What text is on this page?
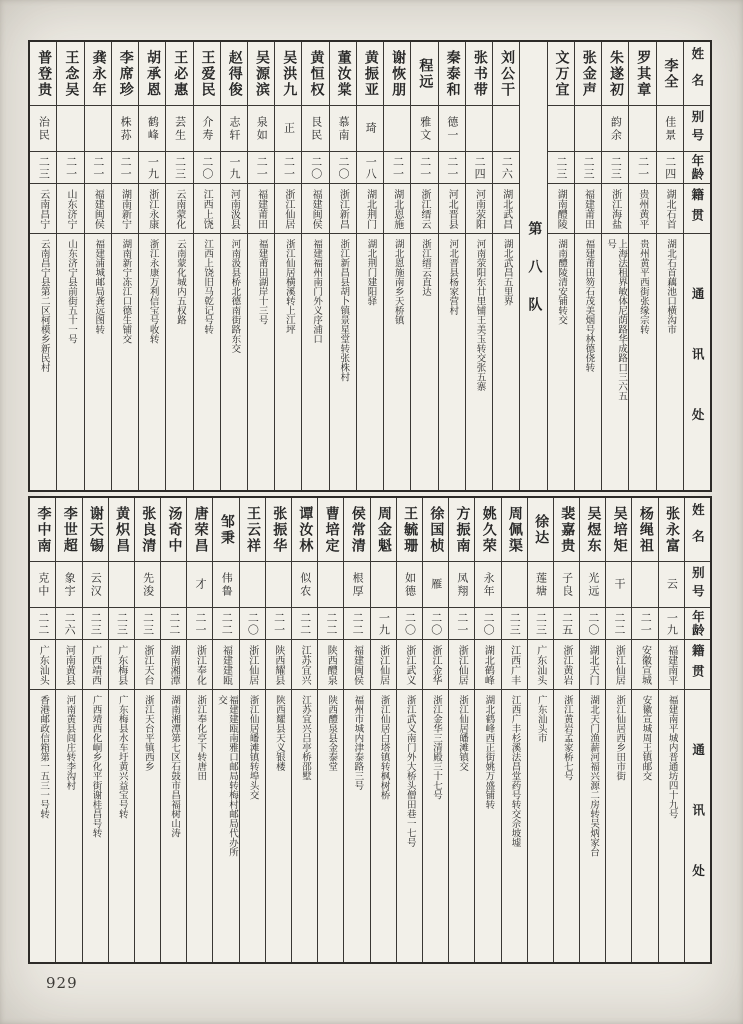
姓名
别号
年龄
籍贯
通讯处
李全
佳景
二四
湖北石首
湖北石首藕池口横沟市
罗其章
二一
贵州黄平
贵州黄平西街张缘宗转
朱遂初
韵余
二三
浙江海盐
上海法租界敏体尼荫路华成路口三六五号
张金声
二三
福建莆田
福建莆田笏石茂美烟号林德侥转
文万宜
二三
湖南醴陵
湖南醴陵清安铺转交
第八队
刘公干
二六
湖北武昌
湖北武昌五里界
张书带
二四
河南荥阳
河南荥阳东廿里铺王美玉转交张五寨
秦泰和
德一
二一
河北晋县
河北晋县杨家营村
程远
雅文
二一
浙江缙云
浙江缙云直达
谢恢朋
二一
湖北恩施
湖北恩施南乡天桥镇
黄振亚
琦
一八
湖北荆门
湖北荆门建阳驿
董汝棠
慕南
二〇
浙江新昌
浙江新昌县胡卜镇景星堂转张株村
黄恒权
艮民
二〇
福建闽侯
福建福州南门外义序浦口
吴洪九
正
二一
浙江仙居
浙江仙居横溪转上江坪
吴源滨
泉如
二一
福建莆田
福建莆田湖岸十三号
赵得俊
志轩
一九
河南汲县
河南汲县桥北德南街路东交
王爱民
介寿
二〇
江西上饶
江西上饶旧马乾记号转
王必惠
芸生
二三
云南蒙化
云南蒙化城内五权路
胡承恩
鹤峰
一九
浙江永康
浙江永康万利信宝号收转
李席珍
株荪
二一
湖南新宁
湖南新宁冻江口德生铺交
龚永年
二一
福建闽侯
福建浦城邮局龚远图转
王念吴
二一
山东济宁
山东济宁县前街五十一号
普登贵
治民
二三
云南昌宁
云南昌宁县第二区柯模乡新民村
姓名
别号
年龄
籍贯
通讯处
张永富
云
一九
福建南平
福建南平城内普通坊四十九号
杨绳祖
二一
安徽宣城
安徽宣城周王镇邮交
吴培矩
干
二二
浙江仙居
浙江仙居西乡田市街
吴煜东
光远
二〇
湖北天门
湖北天门渔薪河福兴源二房转吴炳家台
裴嘉贵
子良
二五
浙江黄岩
浙江黄岩孟家桥七号
徐达
莲塘
二三
广东汕头
广东汕头市
周佩渠
二三
江西广丰
江西广丰杉溪法昌堂药号转交佘坡墟
姚久荣
永年
二〇
湖北鹤峰
湖北鹤峰西正街姚万盛铺转
方振南
凤翔
二一
浙江仙居
浙江仙居皤滩镇交
徐国桢
雁
二〇
浙江金华
浙江金华三清殿三十七号
王毓珊
如德
二〇
浙江武义
浙江武义南门外大桥头僧田巷一七号
周金魁
一九
浙江仙居
浙江仙居白塔镇转枫树桥
侯常清
根厚
二二
福建闽侯
福州市城内津泰路三号
曹培定
二二
陕西醴泉
陕西醴泉县金泰堂
谭汝林
似农
二二
江苏宜兴
江苏宜兴吕亭桥邵墅
张振华
二一
陕西耀县
陕西耀县天义银楼
王云祥
二〇
浙江仙居
浙江仙居皤滩镇转埠头交
邹秉
伟鲁
二二
福建建瓯
福建建瓯南雅口邮局转梅村邮局代办所交
唐荣昌
才
二一
浙江奉化
浙江奉化亭下转唐田
汤奇中
二二
湖南湘潭
湖南湘潭第七区石鼓市昌福树山涛
张良清
先浚
二三
浙江天台
浙江天台平镇西乡
黄炽昌
二三
广东梅县
广东梅县水车圩黄兴益宝号转
谢天锡
云汉
二三
广西靖西
广西靖西化峒乡化平街谢桂昌号转
李世超
象宇
二六
河南黄县
河南黄县闾庄转李沟村
李中南
克中
二二
广东汕头
香港邮政信箱第一五三一号转
929
